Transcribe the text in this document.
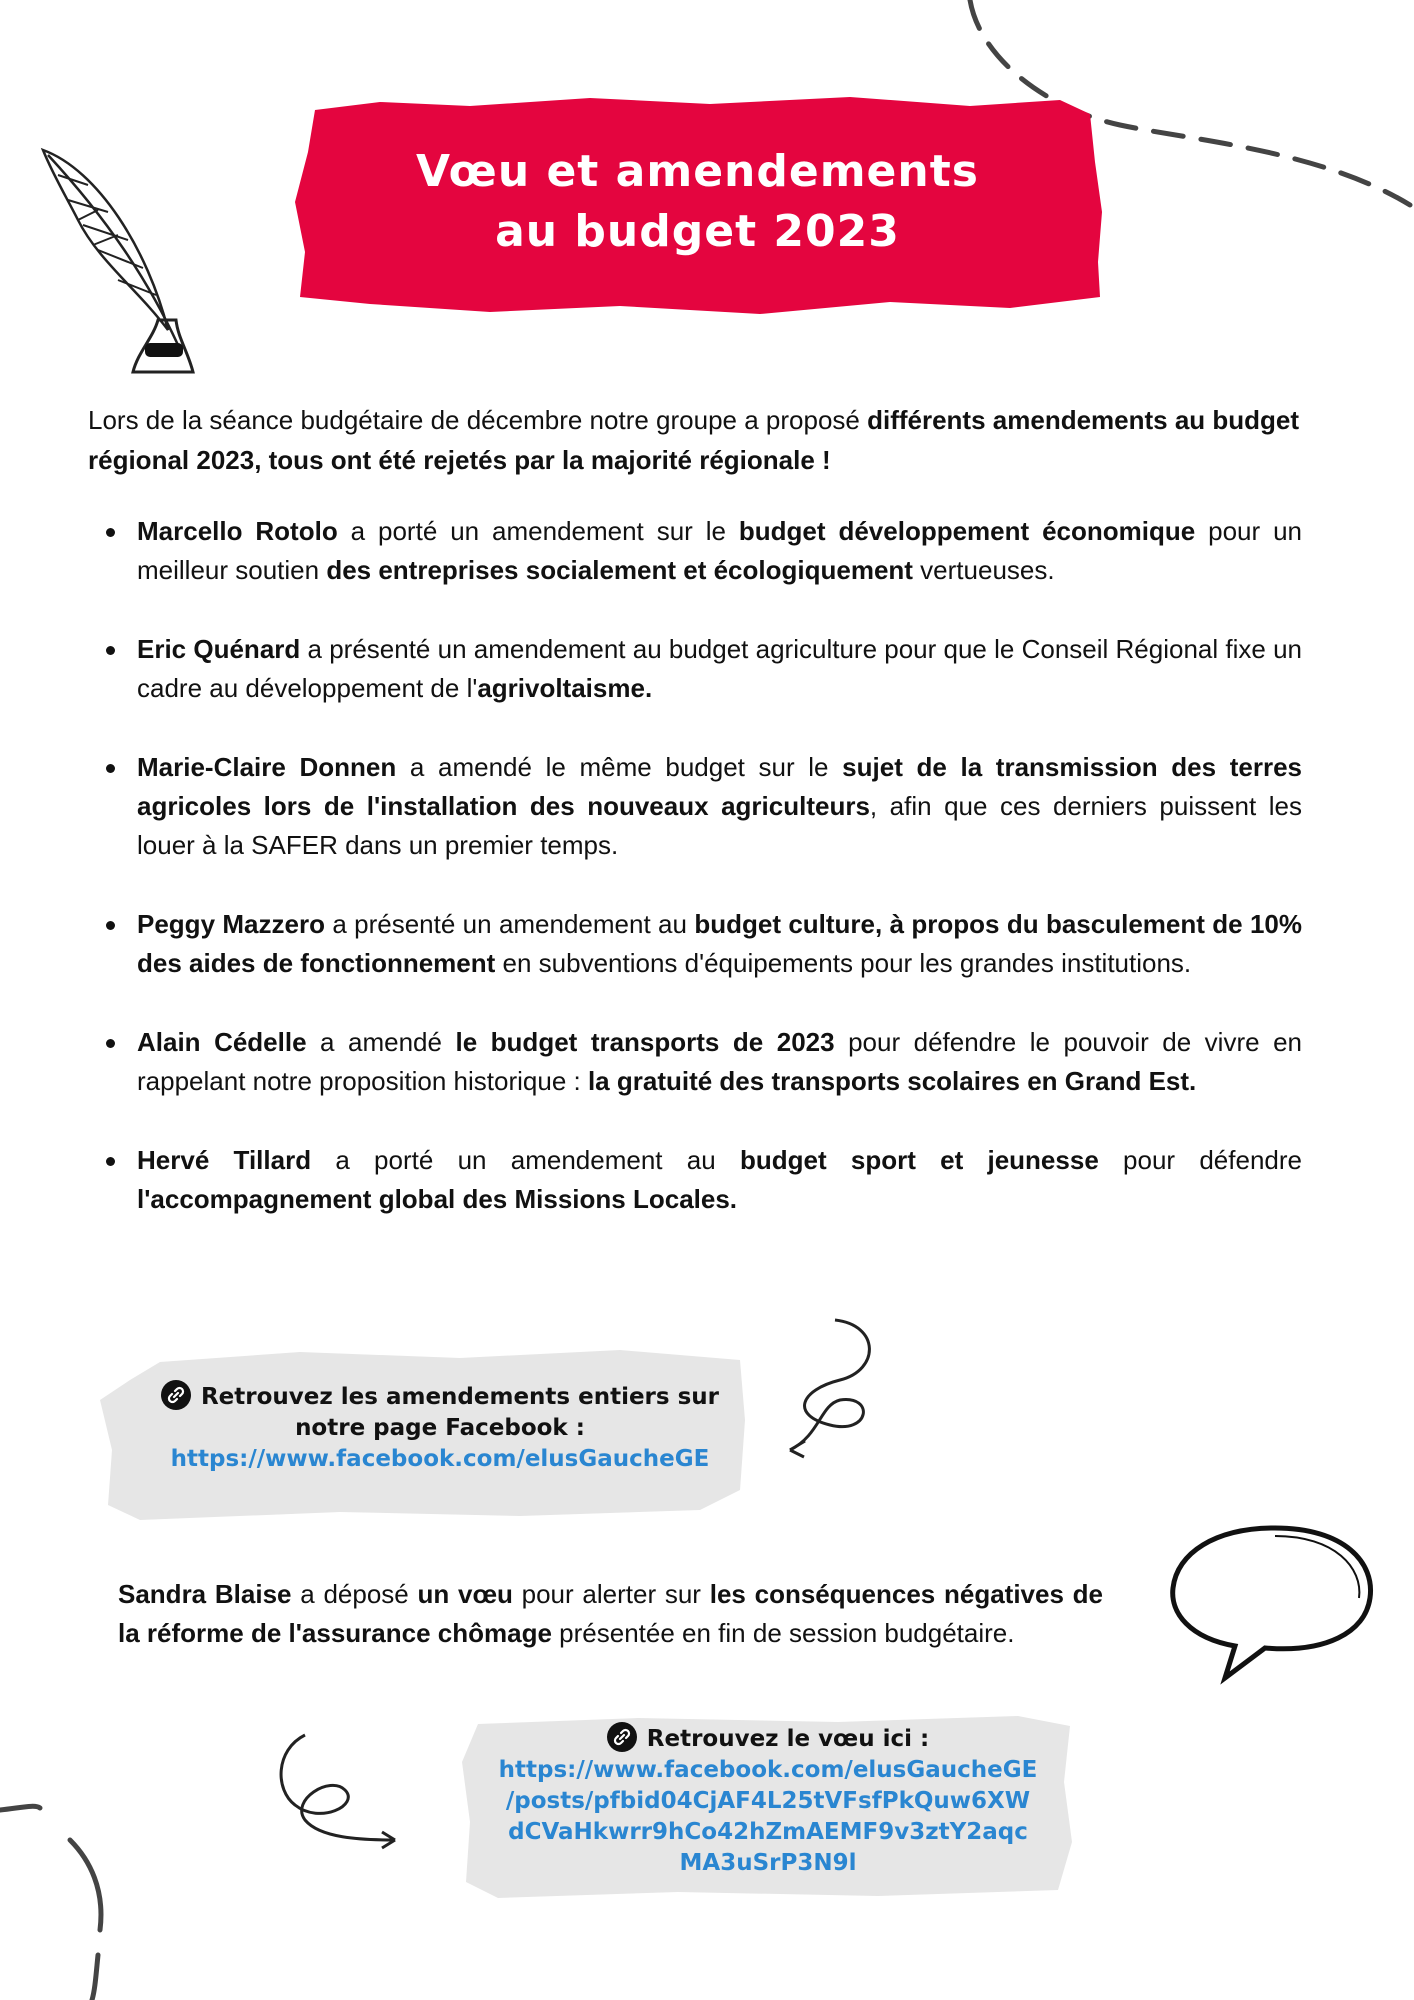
Vœu et amendements
au budget 2023
Lors de la séance budgétaire de décembre notre groupe a proposé différents amendements au budget régional 2023, tous ont été rejetés par la majorité régionale !
Marcello Rotolo a porté un amendement sur le budget développement économique pour un meilleur soutien des entreprises socialement et écologiquement vertueuses.
Eric Quénard a présenté un amendement au budget agriculture pour que le Conseil Régional fixe un cadre au développement de l'agrivoltaisme.
Marie-Claire Donnen a amendé le même budget sur le sujet de la transmission des terres agricoles lors de l'installation des nouveaux agriculteurs, afin que ces derniers puissent les louer à la SAFER dans un premier temps.
Peggy Mazzero a présenté un amendement au budget culture, à propos du basculement de 10% des aides de fonctionnement en subventions d'équipements pour les grandes institutions.
Alain Cédelle a amendé le budget transports de 2023 pour défendre le pouvoir de vivre en rappelant notre proposition historique : la gratuité des transports scolaires en Grand Est.
Hervé Tillard a porté un amendement au budget sport et jeunesse pour défendre l'accompagnement global des Missions Locales.
Retrouvez les amendements entiers sur
notre page Facebook :
https://www.facebook.com/elusGaucheGE
Sandra Blaise a déposé un vœu pour alerter sur les conséquences négatives de la réforme de l'assurance chômage présentée en fin de session budgétaire.
Retrouvez le vœu ici :
https://www.facebook.com/elusGaucheGE
/posts/pfbid04CjAF4L25tVFsfPkQuw6XW
dCVaHkwrr9hCo42hZmAEMF9v3ztY2aqc
MA3uSrP3N9l
